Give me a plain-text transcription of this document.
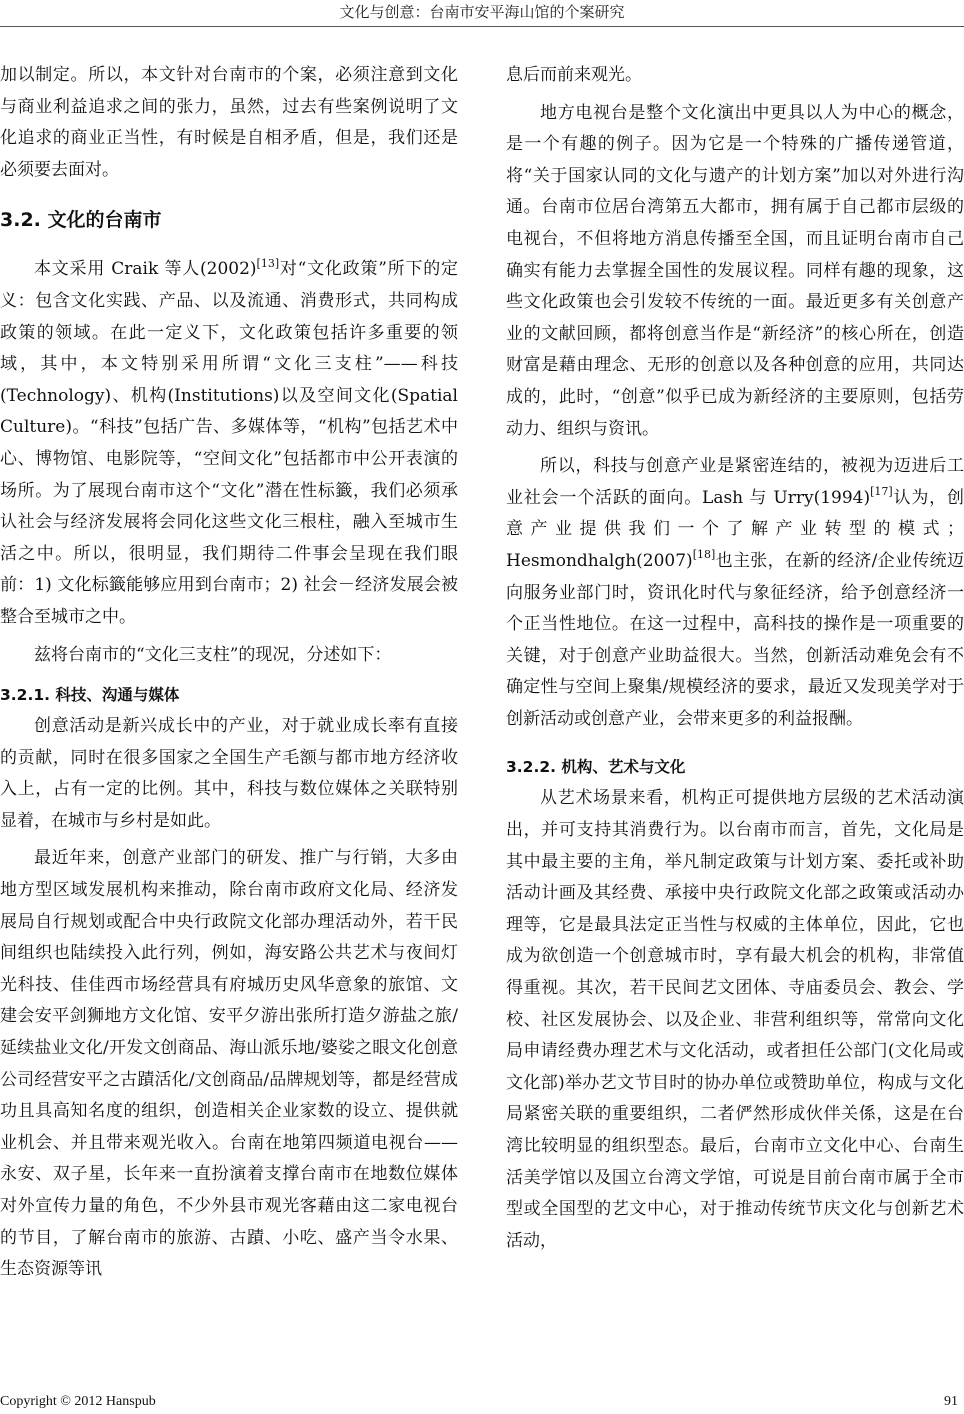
文化与创意：台南市安平海山馆的个案研究

加以制定。所以，本文针对台南市的个案，必须注意到文化与商业利益追求之间的张力，虽然，过去有些案例说明了文化追求的商业正当性，有时候是自相矛盾，但是，我们还是必须要去面对。

3.2. 文化的台南市

本文采用 Craik 等人(2002)[13]对“文化政策”所下的定义：包含文化实践、产品、以及流通、消费形式，共同构成政策的领域。在此一定义下，文化政策包括许多重要的领域，其中，本文特别采用所谓“文化三支柱”——科技(Technology)、机构(Institutions)以及空间文化(Spatial Culture)。“科技”包括广告、多媒体等，“机构”包括艺术中心、博物馆、电影院等，“空间文化”包括都市中公开表演的场所。为了展现台南市这个“文化”潜在性标籤，我们必须承认社会与经济发展将会同化这些文化三根柱，融入至城市生活之中。所以，很明显，我们期待二件事会呈现在我们眼前：1) 文化标籤能够应用到台南市；2) 社会－经济发展会被整合至城市之中。

兹将台南市的“文化三支柱”的现况，分述如下：

3.2.1. 科技、沟通与媒体

创意活动是新兴成长中的产业，对于就业成长率有直接的贡献，同时在很多国家之全国生产毛额与都市地方经济收入上，占有一定的比例。其中，科技与数位媒体之关联特别显着，在城市与乡村是如此。

最近年来，创意产业部门的研发、推广与行销，大多由地方型区域发展机构来推动，除台南市政府文化局、经济发展局自行规划或配合中央行政院文化部办理活动外，若干民间组织也陆续投入此行列，例如，海安路公共艺术与夜间灯光科技、佳佳西市场经营具有府城历史风华意象的旅馆、文建会安平剑狮地方文化馆、安平夕游出张所打造夕游盐之旅/延续盐业文化/开发文创商品、海山派乐地/婆娑之眼文化创意公司经营安平之古蹟活化/文创商品/品牌规划等，都是经营成功且具高知名度的组织，创造相关企业家数的设立、提供就业机会、并且带来观光收入。台南在地第四频道电视台——永安、双子星，长年来一直扮演着支撑台南市在地数位媒体对外宣传力量的角色，不少外县市观光客藉由这二家电视台的节目，了解台南市的旅游、古蹟、小吃、盛产当令水果、生态资源等讯

息后而前来观光。

地方电视台是整个文化演出中更具以人为中心的概念，是一个有趣的例子。因为它是一个特殊的广播传递管道，将“关于国家认同的文化与遗产的计划方案”加以对外进行沟通。台南市位居台湾第五大都市，拥有属于自己都市层级的电视台，不但将地方消息传播至全国，而且证明台南市自己确实有能力去掌握全国性的发展议程。同样有趣的现象，这些文化政策也会引发较不传统的一面。最近更多有关创意产业的文献回顾，都将创意当作是“新经济”的核心所在，创造财富是藉由理念、无形的创意以及各种创意的应用，共同达成的，此时，“创意”似乎已成为新经济的主要原则，包括劳动力、组织与资讯。

所以，科技与创意产业是紧密连结的，被视为迈进后工业社会一个活跃的面向。Lash 与 Urry(1994)[17]认为，创意产业提供我们一个了解产业转型的模式；Hesmondhalgh(2007)[18]也主张，在新的经济/企业传统迈向服务业部门时，资讯化时代与象征经济，给予创意经济一个正当性地位。在这一过程中，高科技的操作是一项重要的关键，对于创意产业助益很大。当然，创新活动难免会有不确定性与空间上聚集/规模经济的要求，最近又发现美学对于创新活动或创意产业，会带来更多的利益报酬。

3.2.2. 机构、艺术与文化

从艺术场景来看，机构正可提供地方层级的艺术活动演出，并可支持其消费行为。以台南市而言，首先，文化局是其中最主要的主角，举凡制定政策与计划方案、委托或补助活动计画及其经费、承接中央行政院文化部之政策或活动办理等，它是最具法定正当性与权威的主体单位，因此，它也成为欲创造一个创意城市时，享有最大机会的机构，非常值得重视。其次，若干民间艺文团体、寺庙委员会、教会、学校、社区发展协会、以及企业、非营利组织等，常常向文化局申请经费办理艺术与文化活动，或者担任公部门(文化局或文化部)举办艺文节目时的协办单位或赞助单位，构成与文化局紧密关联的重要组织，二者俨然形成伙伴关係，这是在台湾比较明显的组织型态。最后，台南市立文化中心、台南生活美学馆以及国立台湾文学馆，可说是目前台南市属于全市型或全国型的艺文中心，对于推动传统节庆文化与创新艺术活动，

Copyright © 2012 Hanspub	91
